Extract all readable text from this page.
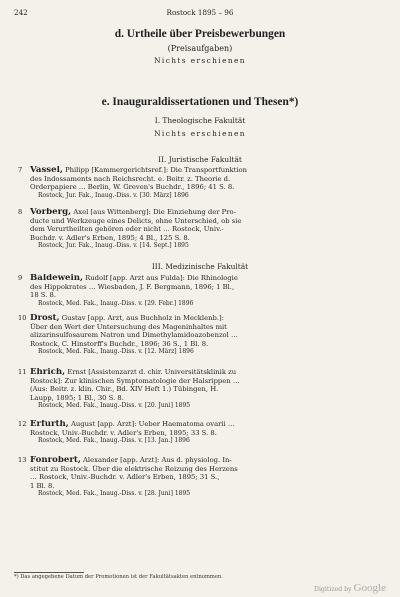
242	Rostock 1895 – 96
d. Urtheile über Preisbewerbungen
(Preisaufgaben)
Nichts erschienen
e. Inauguraldissertationen und Thesen*)
I. Theologische Fakultät
Nichts erschienen
II. Juristische Fakultät
7 Vassel, Philipp [Kammergerichtsref.]: Die Transportfunktion
des Indossaments nach Reichsrecht. e. Beitr. z. Theorie d.
Orderpapiere … Berlin, W. Greven's Buchdr., 1896; 41 S. 8.
Rostock, Jur. Fak., Inaug.-Diss. v. [30. März] 1896
8 Vorberg, Axel [aus Wittenberg]: Die Einziehung der Pro-
ducte und Werkzeuge eines Delicts, ohne Unterschied, ob sie
dem Verurtheilten gehören oder nicht … Rostock, Univ.-
Buchdr. v. Adler's Erben, 1895; 4 Bl., 125 S. 8.
Rostock, Jur. Fak., Inaug.-Diss. v. [14. Sept.] 1895
III. Medizinische Fakultät
9 Baldewein, Rudolf [app. Arzt aus Fulda]: Die Rhinologie
des Hippokrates … Wiesbaden, J. F. Bergmann, 1896; 1 Bl.,
18 S. 8.
Rostock, Med. Fak., Inaug.-Diss. v. [29. Febr.] 1896
10 Drost, Gustav [app. Arzt, aus Buchholz in Mecklenb.]:
Über den Wert der Untersuchung des Mageninhaltes mit
alizarinsulfosaurem Natron und Dimethylamidoazobenzol …
Rostock, C. Hinstorff's Buchdr., 1896; 36 S., 1 Bl. 8.
Rostock, Med. Fak., Inaug.-Diss. v. [12. März] 1896
11 Ehrich, Ernst [Assistenzarzt d. chir. Universitätsklinik zu
Rostock]: Zur klinischen Symptomatologie der Halsrippen …
(Aus: Beitr. z. klin. Chir., Bd. XIV Heft 1.) Tübingen, H.
Laupp, 1895; 1 Bl., 30 S. 8.
Rostock, Med. Fak., Inaug.-Diss. v. [20. Juni] 1895
12 Erfurth, August [app. Arzt]: Ueber Haematoma ovarii …
Rostock, Univ.-Buchdr. v. Adler's Erben, 1895; 33 S. 8.
Rostock, Med. Fak., Inaug.-Diss. v. [13. Jan.] 1896
13 Fonrobert, Alexander [app. Arzt]: Aus d. physiolog. In-
stitut zu Rostock. Über die elektrische Reizung des Herzens
… Rostock, Univ.-Buchdr. v. Adler's Erben, 1895; 31 S.,
1 Bl. 8.
Rostock, Med. Fak., Inaug.-Diss. v. [28. Juni] 1895
*) Das angegebene Datum der Promotionen ist der Fakultätsakten entnommen.
Digitized by Google
